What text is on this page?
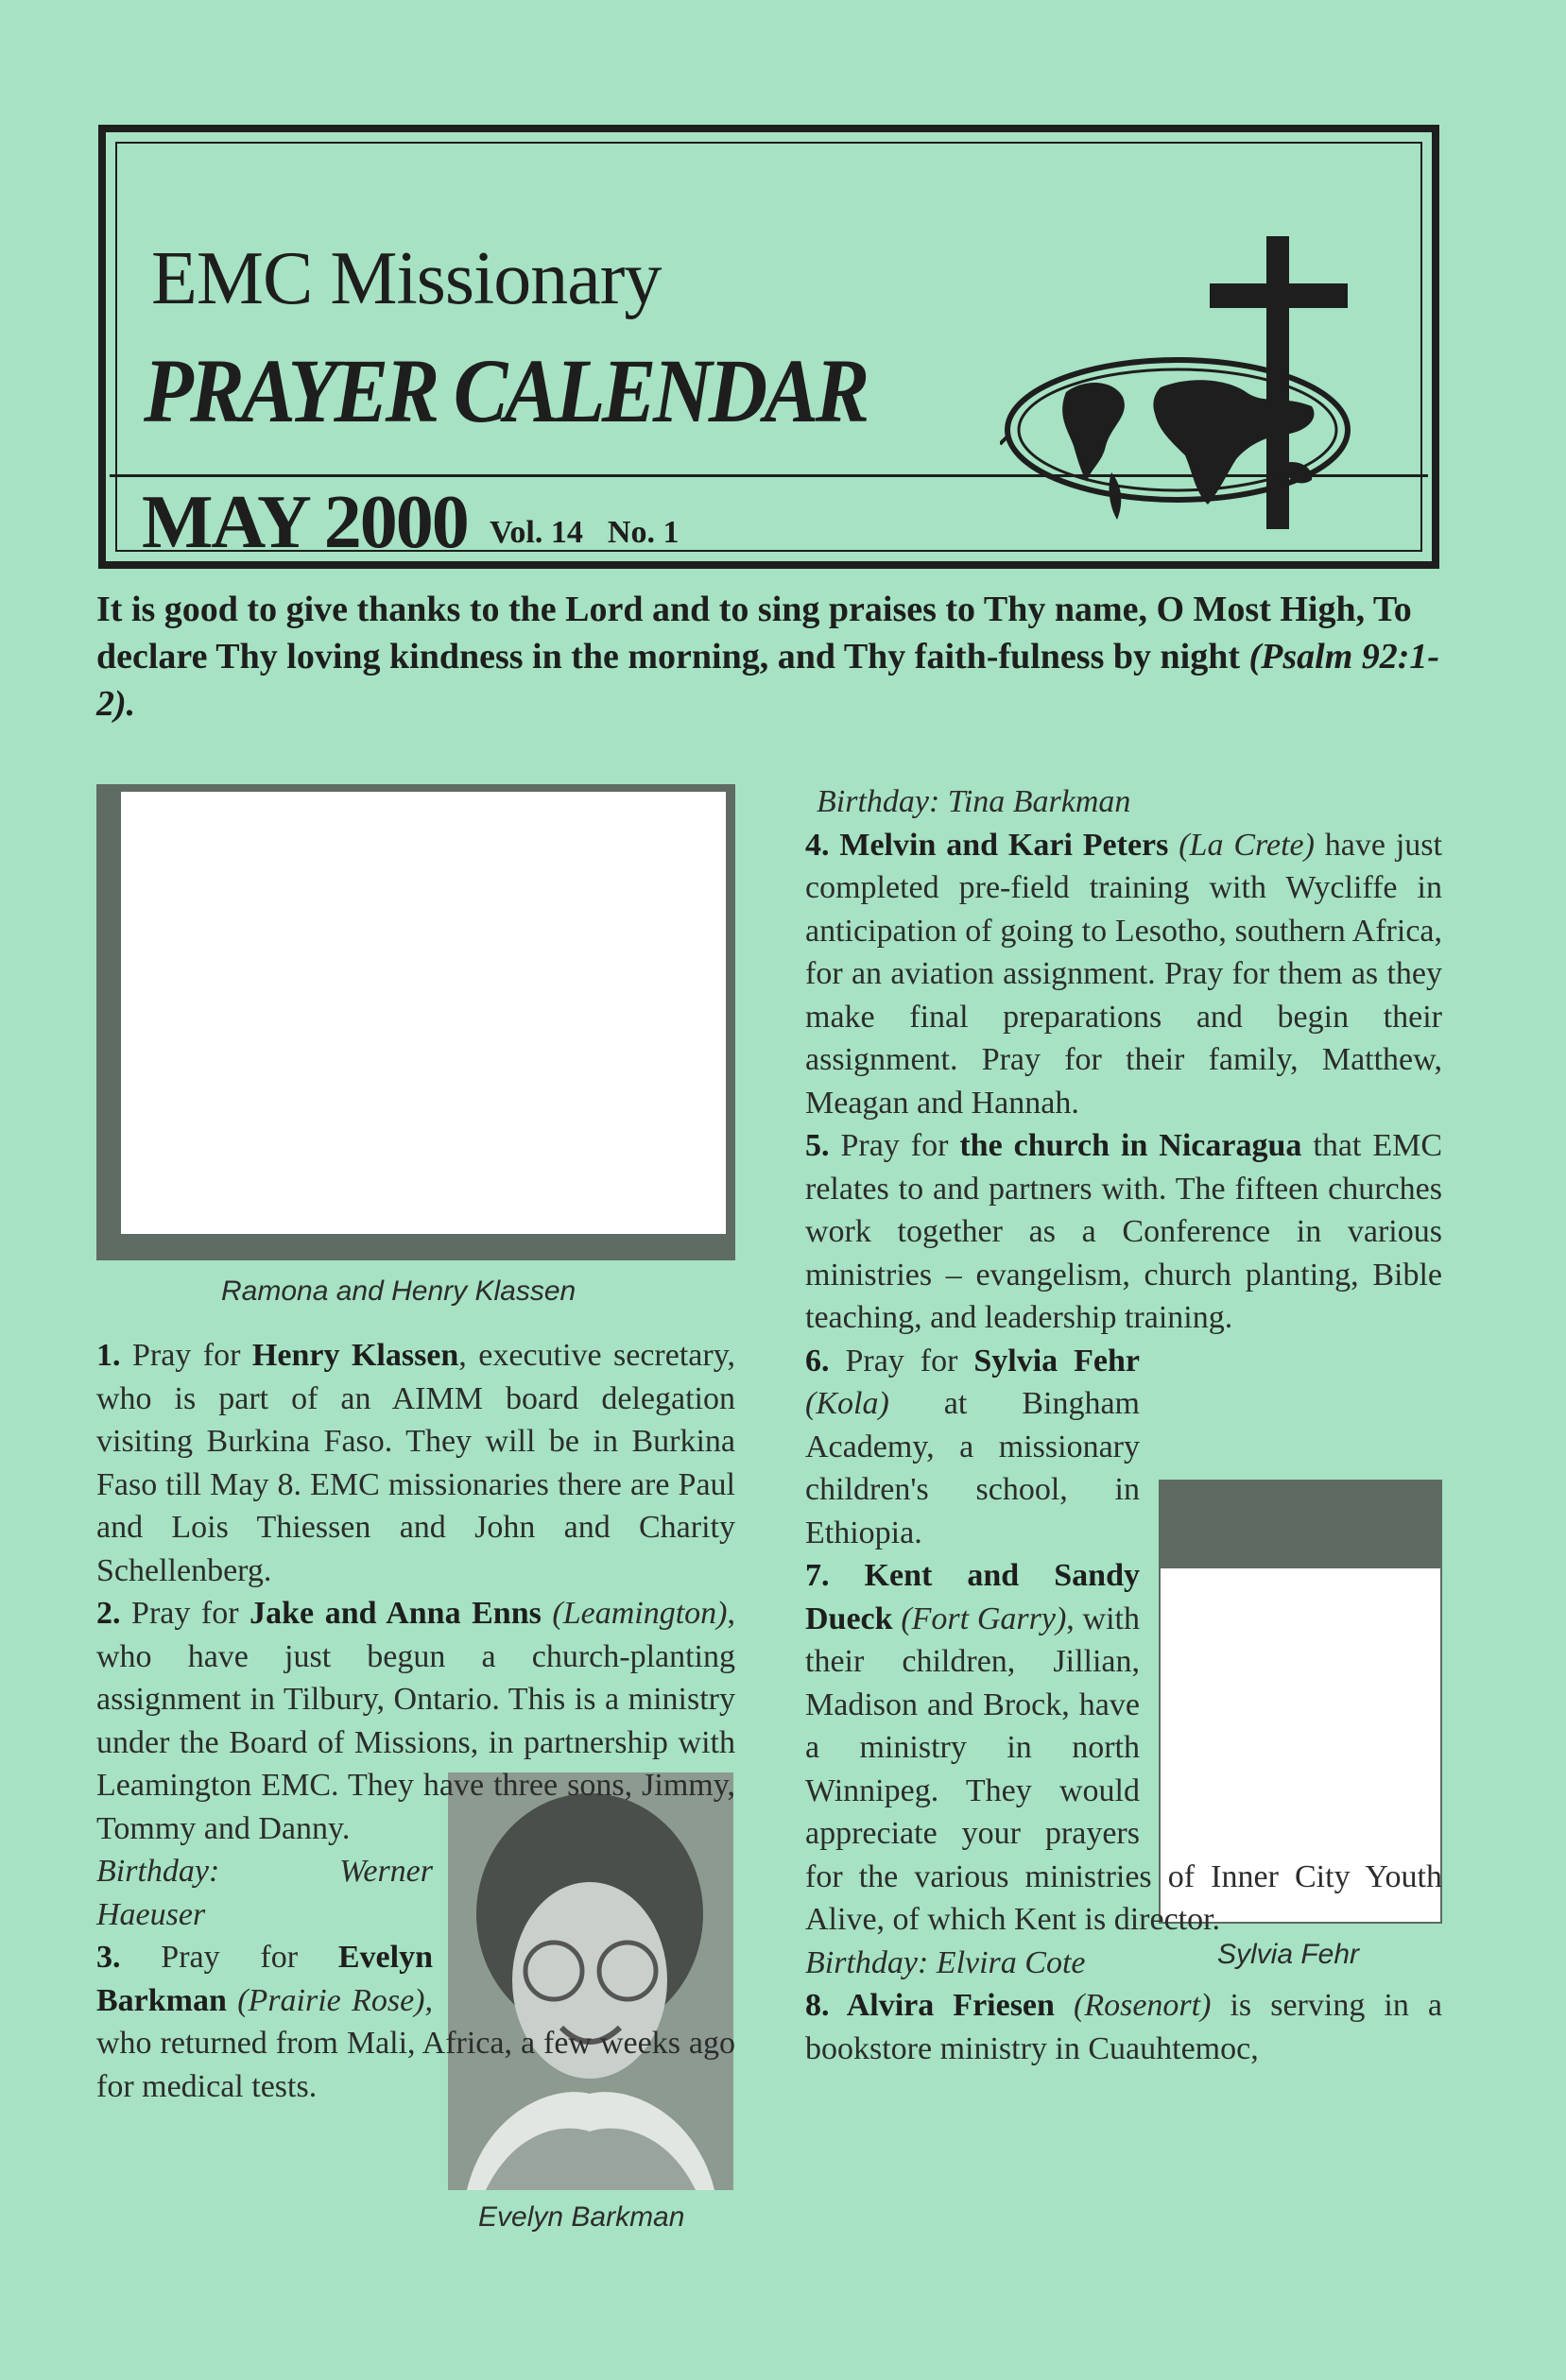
EMC Missionary
PRAYER CALENDAR
MAY 2000 Vol. 14 No. 1
It is good to give thanks to the Lord and to sing praises to Thy name, O Most High, To declare Thy loving kindness in the morning, and Thy faith-fulness by night (Psalm 92:1-2).
Ramona and Henry Klassen
Evelyn Barkman
Sylvia Fehr

1. Pray for Henry Klassen, executive secretary, who is part of an AIMM board delegation visiting Burkina Faso. They will be in Burkina Faso till May 8. EMC missionaries there are Paul and Lois Thiessen and John and Charity Schellenberg.

2. Pray for Jake and Anna Enns (Leamington), who have just begun a church-planting assignment in Tilbury, Ontario. This is a ministry under the Board of Missions, in partnership with Leamington EMC. They have three sons, Jimmy, Tommy and Danny.

Birthday: Werner Haeuser

3. Pray for Evelyn Barkman (Prairie Rose), who returned from Mali, Africa, a few weeks ago for medical tests.

Birthday: Tina Barkman

4. Melvin and Kari Peters (La Crete) have just completed pre-field training with Wycliffe in anticipation of going to Lesotho, southern Africa, for an aviation assignment. Pray for them as they make final preparations and begin their assignment. Pray for their family, Matthew, Meagan and Hannah.

5. Pray for the church in Nicaragua that EMC relates to and partners with. The fifteen churches work together as a Conference in various ministries – evangelism, church planting, Bible teaching, and leadership training.

6. Pray for Sylvia Fehr (Kola) at Bingham Academy, a missionary children's school, in Ethiopia.

7. Kent and Sandy Dueck (Fort Garry), with their children, Jillian, Madison and Brock, have a ministry in north Winnipeg. They would appreciate your prayers for the various ministries of Inner City Youth Alive, of which Kent is director.

Birthday: Elvira Cote

8. Alvira Friesen (Rosenort) is serving in a bookstore ministry in Cuauhtemoc,
